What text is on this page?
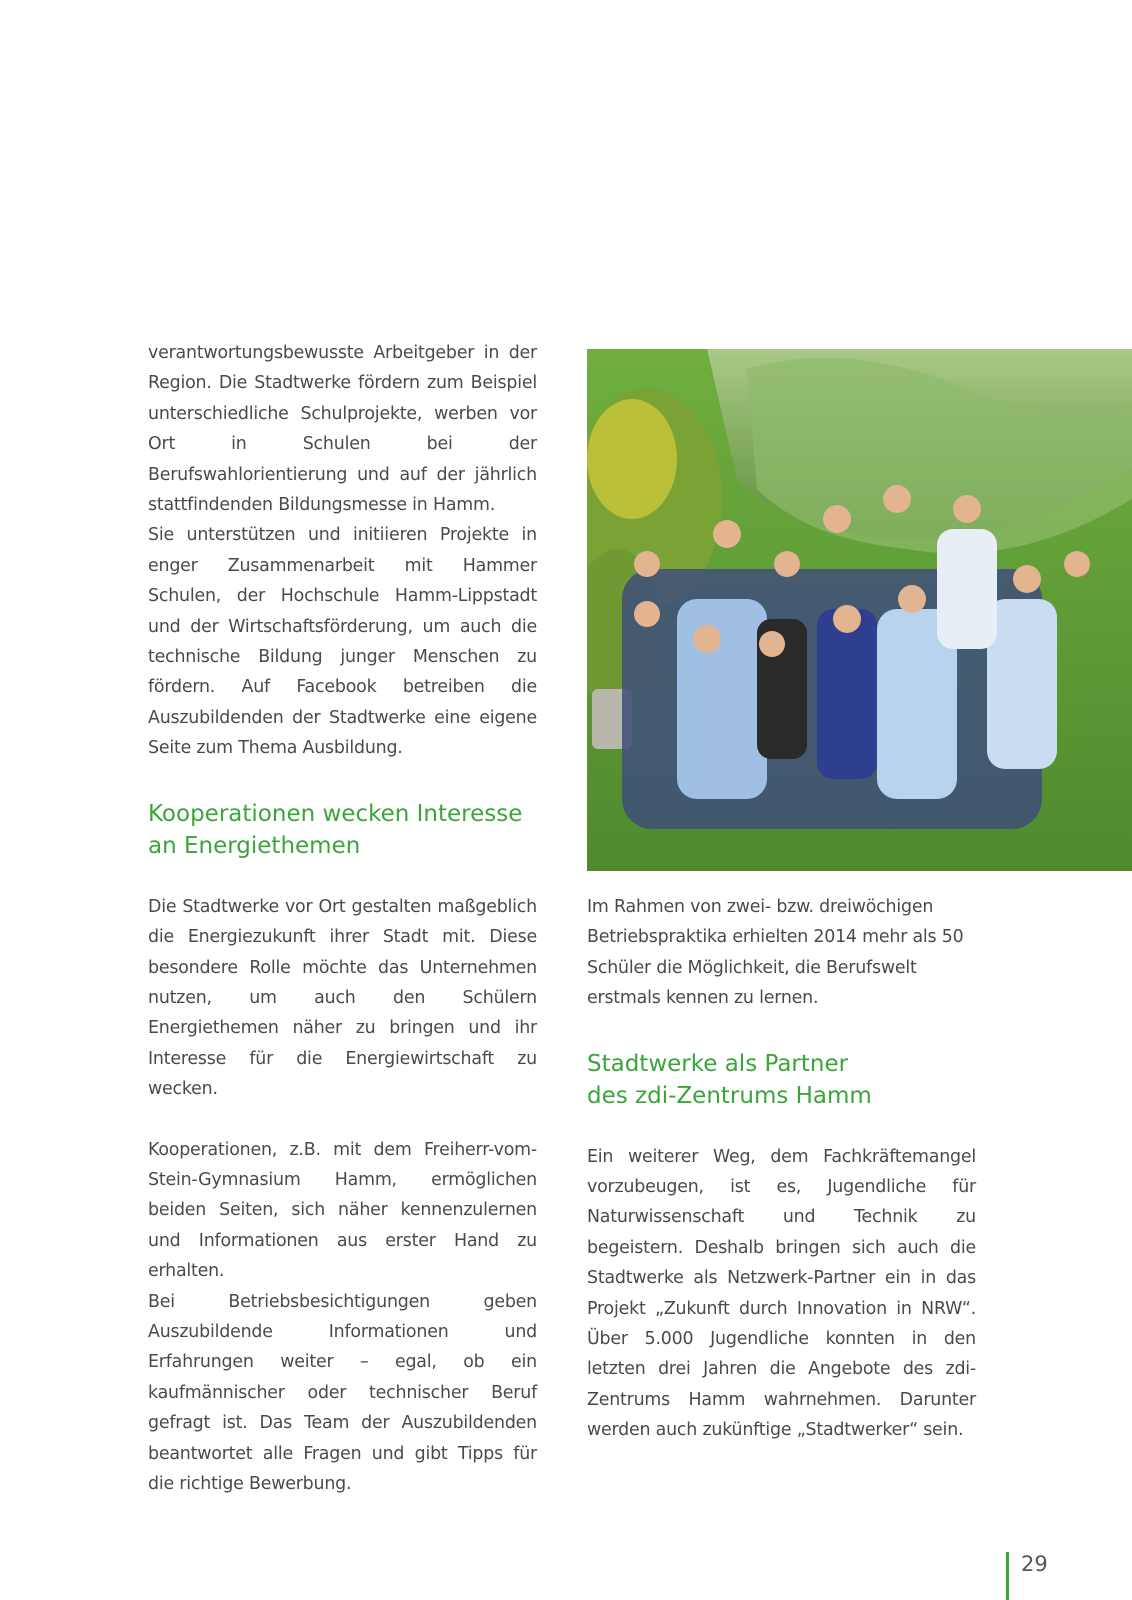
verantwortungsbewusste Arbeitgeber in der Region. Die Stadtwerke fördern zum Beispiel unterschiedliche Schulprojekte, werben vor Ort in Schulen bei der Berufswahlorientierung und auf der jährlich stattfindenden Bildungsmesse in Hamm.

Sie unterstützen und initiieren Projekte in enger Zusammenarbeit mit Hammer Schulen, der Hochschule Hamm-Lippstadt und der Wirtschaftsförderung, um auch die technische Bildung junger Menschen zu fördern. Auf Facebook betreiben die Auszubildenden der Stadtwerke eine eigene Seite zum Thema Ausbildung.

Kooperationen wecken Interesse
an Energiethemen

Die Stadtwerke vor Ort gestalten maßgeblich die Energiezukunft ihrer Stadt mit. Diese besondere Rolle möchte das Unternehmen nutzen, um auch den Schülern Energiethemen näher zu bringen und ihr Interesse für die Energiewirtschaft zu wecken.

Kooperationen, z.B. mit dem Freiherr-vom-Stein-Gymnasium Hamm, ermöglichen beiden Seiten, sich näher kennenzulernen und Informationen aus erster Hand zu erhalten.

Bei Betriebsbesichtigungen geben Auszubildende Informationen und Erfahrungen weiter – egal, ob ein kaufmännischer oder technischer Beruf gefragt ist. Das Team der Auszubildenden beantwortet alle Fragen und gibt Tipps für die richtige Bewerbung.

Im Rahmen von zwei- bzw. dreiwöchigen Betriebspraktika erhielten 2014 mehr als 50 Schüler die Möglichkeit, die Berufswelt erstmals kennen zu lernen.

Stadtwerke als Partner
des zdi-Zentrums Hamm

Ein weiterer Weg, dem Fachkräftemangel vorzubeugen, ist es, Jugendliche für Naturwissenschaft und Technik zu begeistern. Deshalb bringen sich auch die Stadtwerke als Netzwerk-Partner ein in das Projekt „Zukunft durch Innovation in NRW“. Über 5.000 Jugendliche konnten in den letzten drei Jahren die Angebote des zdi-Zentrums Hamm wahrnehmen. Darunter werden auch zukünftige „Stadtwerker“ sein.

29
